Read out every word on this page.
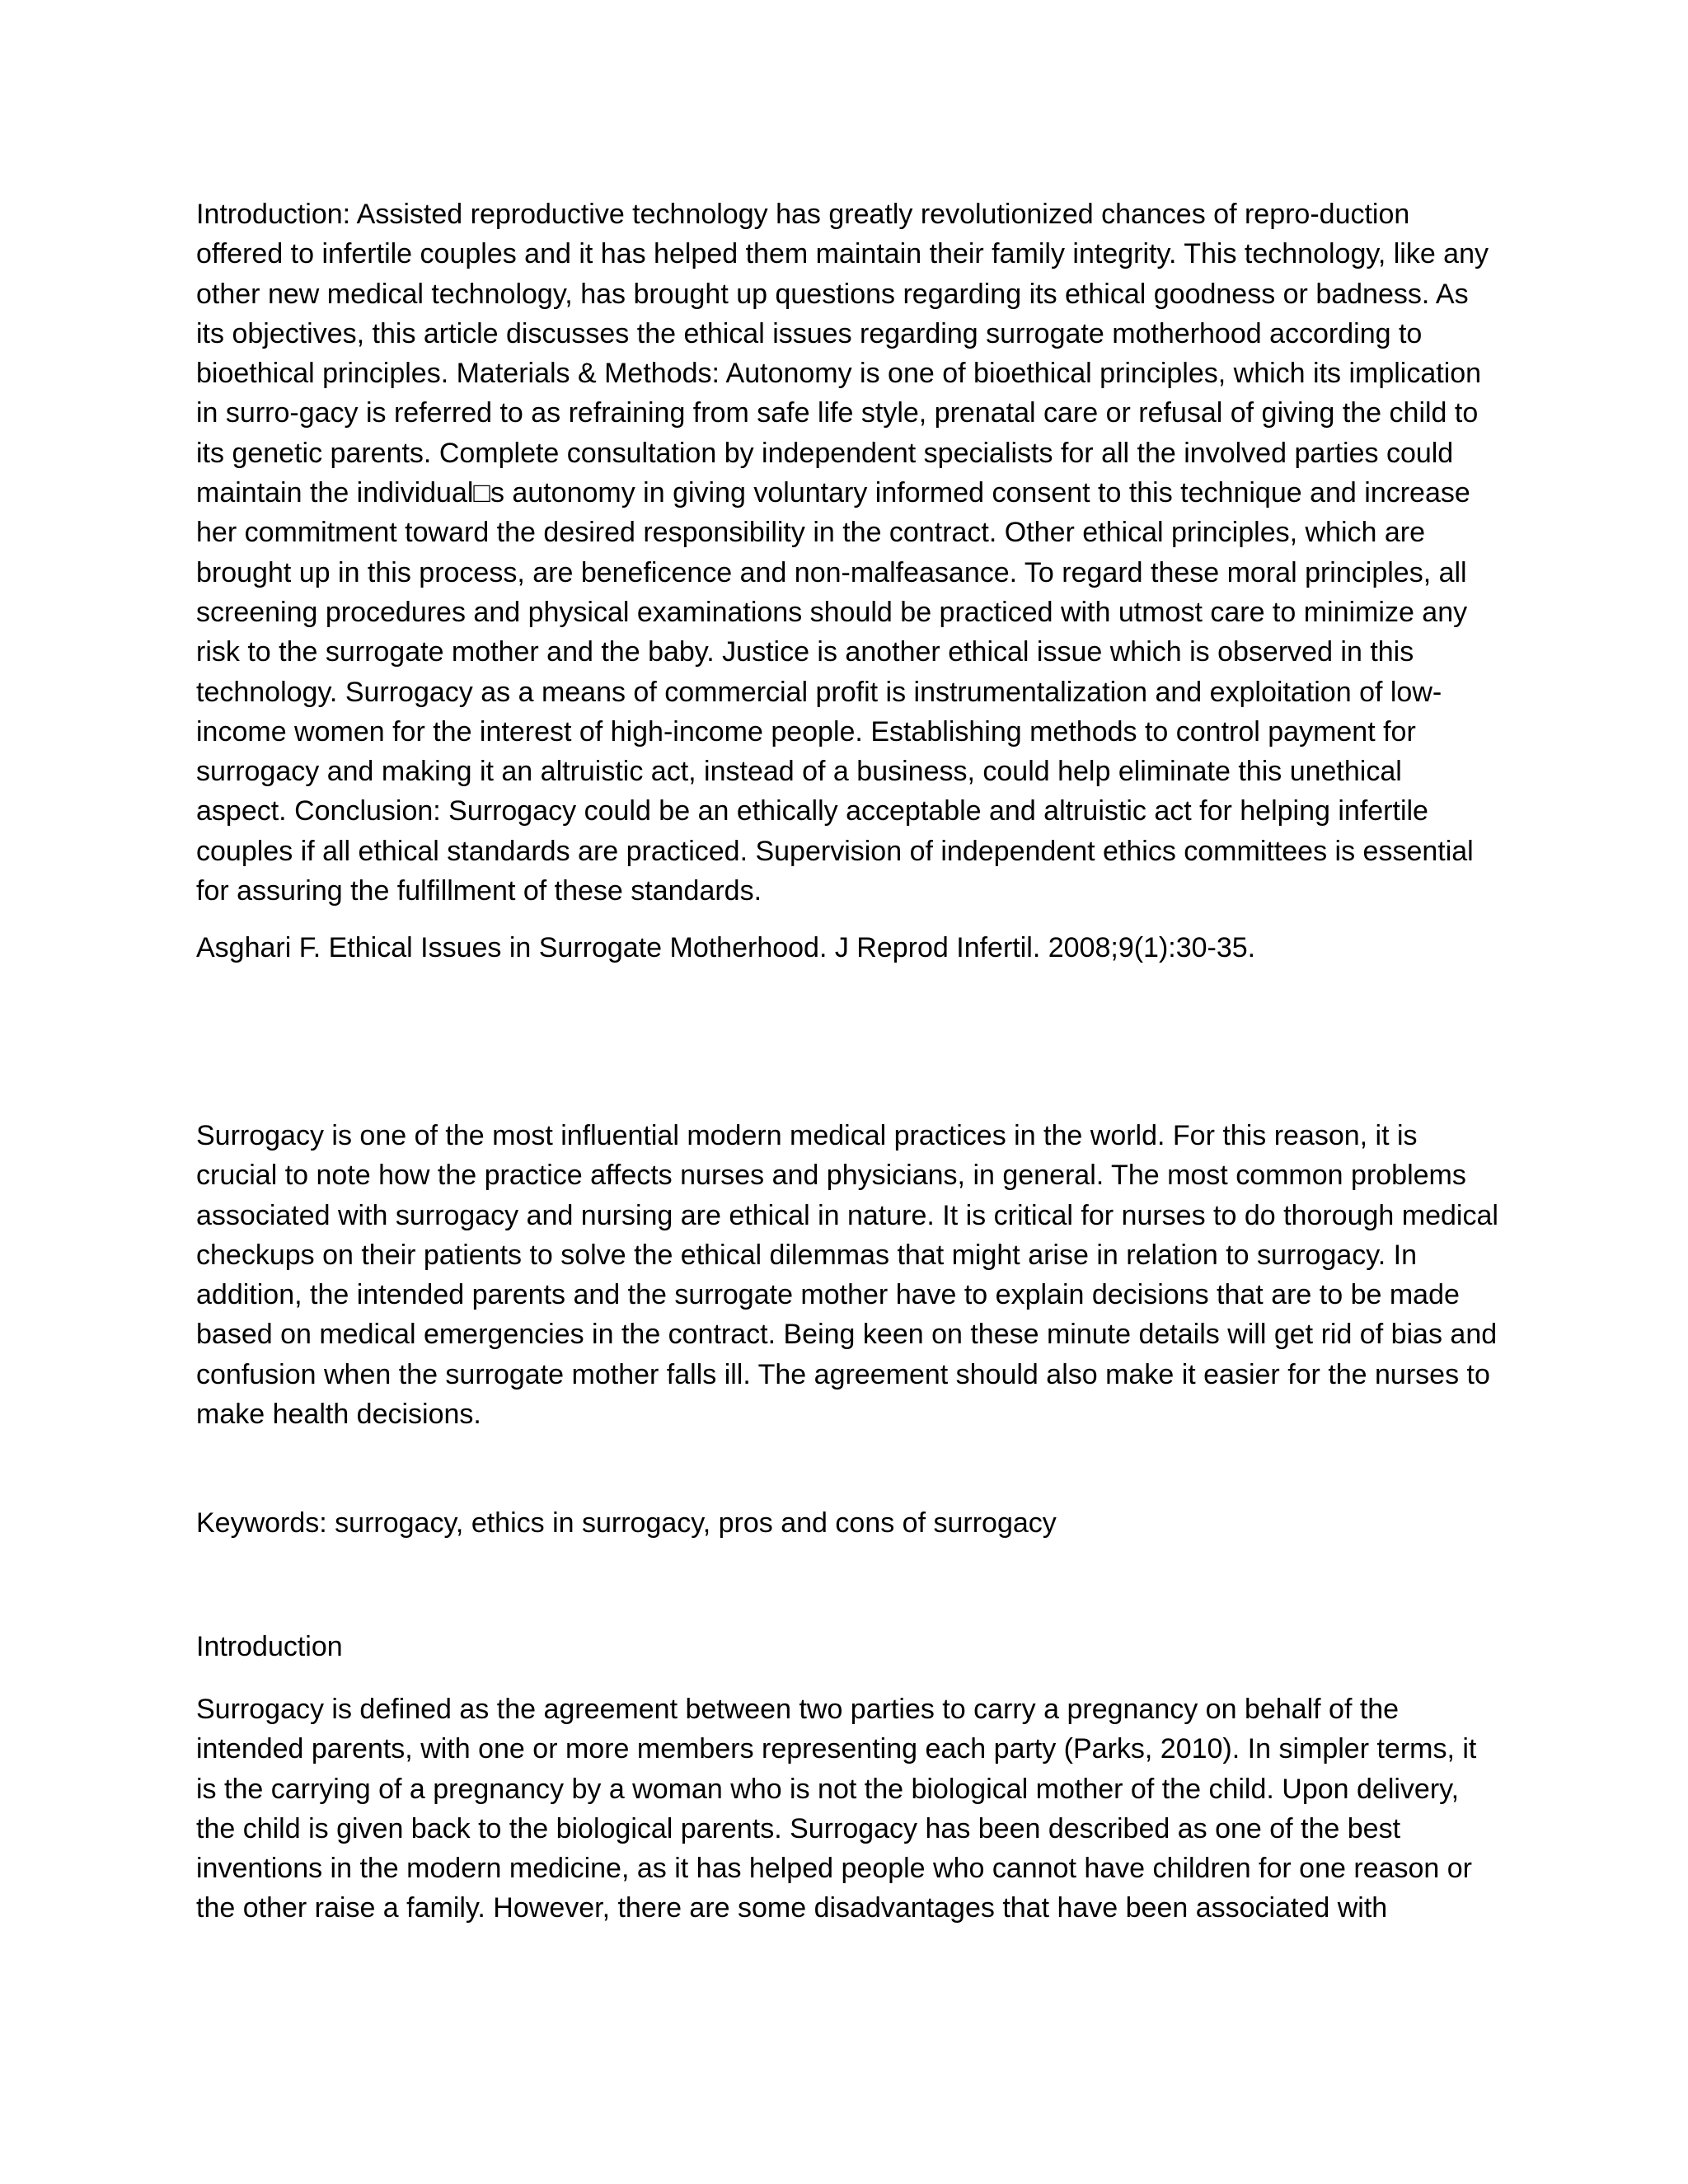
Introduction: Assisted reproductive technology has greatly revolutionized chances of repro-duction offered to infertile couples and it has helped them maintain their family integrity. This technology, like any other new medical technology, has brought up questions regarding its ethical goodness or badness. As its objectives, this article discusses the ethical issues regarding surrogate motherhood according to bioethical principles. Materials & Methods: Autonomy is one of bioethical principles, which its implication in surro-gacy is referred to as refraining from safe life style, prenatal care or refusal of giving the child to its genetic parents. Complete consultation by independent specialists for all the involved parties could maintain the individual□s autonomy in giving voluntary informed consent to this technique and increase her commitment toward the desired responsibility in the contract. Other ethical principles, which are brought up in this process, are beneficence and non-malfeasance. To regard these moral principles, all screening procedures and physical examinations should be practiced with utmost care to minimize any risk to the surrogate mother and the baby. Justice is another ethical issue which is observed in this technology. Surrogacy as a means of commercial profit is instrumentalization and exploitation of low-income women for the interest of high-income people. Establishing methods to control payment for surrogacy and making it an altruistic act, instead of a business, could help eliminate this unethical aspect. Conclusion: Surrogacy could be an ethically acceptable and altruistic act for helping infertile couples if all ethical standards are practiced. Supervision of independent ethics committees is essential for assuring the fulfillment of these standards.
Asghari F. Ethical Issues in Surrogate Motherhood. J Reprod Infertil. 2008;9(1):30-35.
Surrogacy is one of the most influential modern medical practices in the world. For this reason, it is crucial to note how the practice affects nurses and physicians, in general. The most common problems associated with surrogacy and nursing are ethical in nature. It is critical for nurses to do thorough medical checkups on their patients to solve the ethical dilemmas that might arise in relation to surrogacy. In addition, the intended parents and the surrogate mother have to explain decisions that are to be made based on medical emergencies in the contract. Being keen on these minute details will get rid of bias and confusion when the surrogate mother falls ill. The agreement should also make it easier for the nurses to make health decisions.
Keywords: surrogacy, ethics in surrogacy, pros and cons of surrogacy
Introduction
Surrogacy is defined as the agreement between two parties to carry a pregnancy on behalf of the intended parents, with one or more members representing each party (Parks, 2010). In simpler terms, it is the carrying of a pregnancy by a woman who is not the biological mother of the child. Upon delivery, the child is given back to the biological parents. Surrogacy has been described as one of the best inventions in the modern medicine, as it has helped people who cannot have children for one reason or the other raise a family. However, there are some disadvantages that have been associated with
